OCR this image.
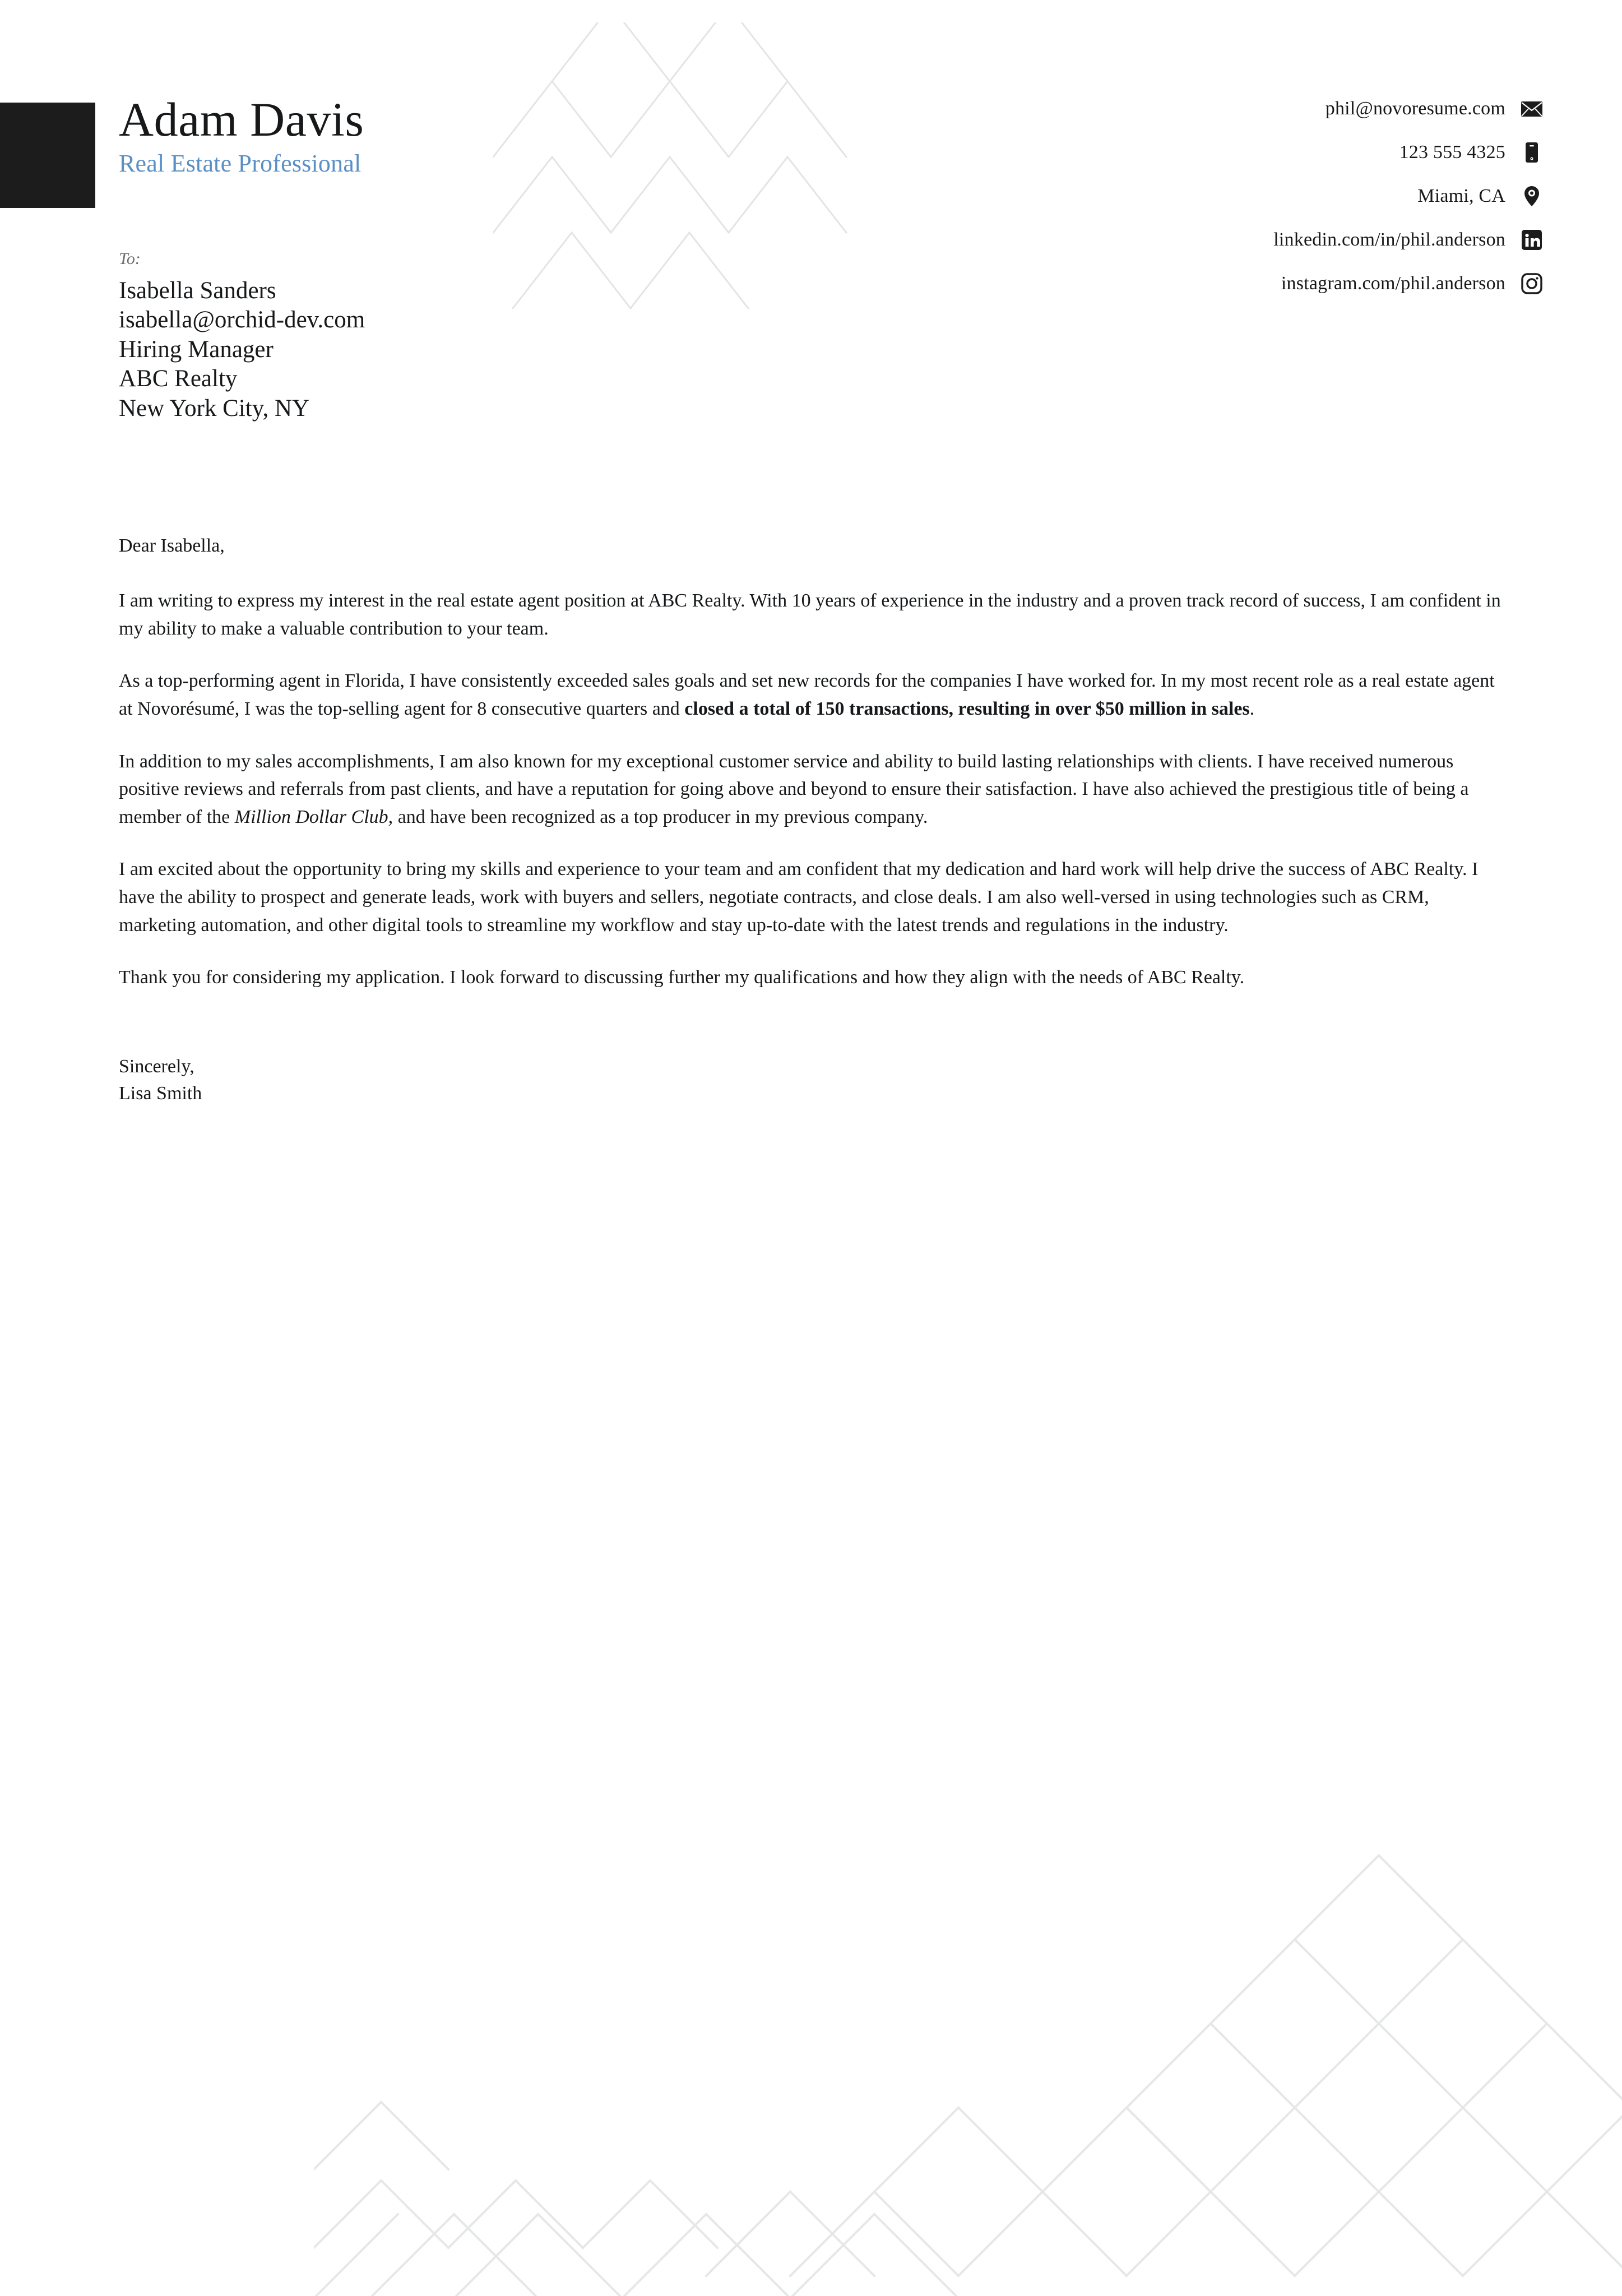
Adam Davis
Real Estate Professional
phil@novoresume.com
123 555 4325
Miami, CA
linkedin.com/in/phil.anderson
instagram.com/phil.anderson
To:
Isabella Sanders
isabella@orchid-dev.com
Hiring Manager
ABC Realty
New York City, NY
Dear Isabella,

I am writing to express my interest in the real estate agent position at ABC Realty. With 10 years of experience in the industry and a proven track record of success, I am confident in my ability to make a valuable contribution to your team.

As a top-performing agent in Florida, I have consistently exceeded sales goals and set new records for the companies I have worked for. In my most recent role as a real estate agent at Novorésumé, I was the top-selling agent for 8 consecutive quarters and closed a total of 150 transactions, resulting in over $50 million in sales.

In addition to my sales accomplishments, I am also known for my exceptional customer service and ability to build lasting relationships with clients. I have received numerous positive reviews and referrals from past clients, and have a reputation for going above and beyond to ensure their satisfaction. I have also achieved the prestigious title of being a member of the Million Dollar Club, and have been recognized as a top producer in my previous company.

I am excited about the opportunity to bring my skills and experience to your team and am confident that my dedication and hard work will help drive the success of ABC Realty. I have the ability to prospect and generate leads, work with buyers and sellers, negotiate contracts, and close deals. I am also well-versed in using technologies such as CRM, marketing automation, and other digital tools to streamline my workflow and stay up-to-date with the latest trends and regulations in the industry.

Thank you for considering my application. I look forward to discussing further my qualifications and how they align with the needs of ABC Realty.

Sincerely,
Lisa Smith
